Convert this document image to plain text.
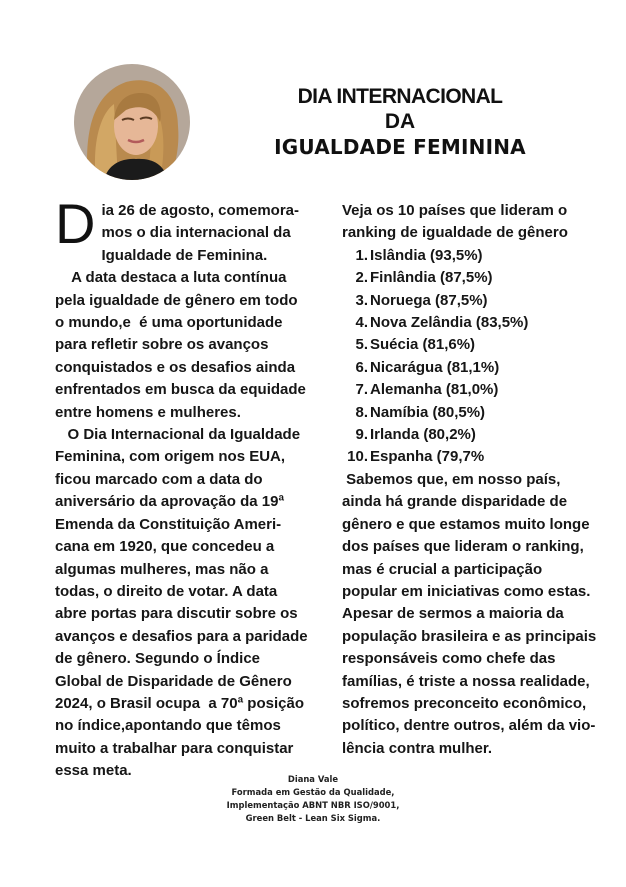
DIA INTERNACIONAL
DA
IGUALDADE FEMININA
D ia 26 de agosto, comemora-
mos o dia internacional da
Igualdade de Feminina.

A data destaca a luta contínua
pela igualdade de gênero em todo
o mundo,e  é uma oportunidade
para refletir sobre os avanços
conquistados e os desafios ainda
enfrentados em busca da equidade
entre homens e mulheres.

O Dia Internacional da Igualdade
Feminina, com origem nos EUA,
ficou marcado com a data do
aniversário da aprovação da 19ª
Emenda da Constituição Ameri-
cana em 1920, que concedeu a
algumas mulheres, mas não a
todas, o direito de votar. A data
abre portas para discutir sobre os
avanços e desafios para a paridade
de gênero. Segundo o Índice
Global de Disparidade de Gênero
2024, o Brasil ocupa  a 70ª posição
no índice,apontando que têmos
muito a trabalhar para conquistar
essa meta.

Veja os 10 países que lideram o
ranking de igualdade de gênero

1. Islândia (93,5%)
2. Finlândia (87,5%)
3. Noruega (87,5%)
4. Nova Zelândia (83,5%)
5. Suécia (81,6%)
6. Nicarágua (81,1%)
7. Alemanha (81,0%)
8. Namíbia (80,5%)
9. Irlanda (80,2%)
10. Espanha (79,7%

Sabemos que, em nosso país,
ainda há grande disparidade de
gênero e que estamos muito longe
dos países que lideram o ranking,
mas é crucial a participação
popular em iniciativas como estas.
Apesar de sermos a maioria da
população brasileira e as principais
responsáveis como chefe das
famílias, é triste a nossa realidade,
sofremos preconceito econômico,
político, dentre outros, além da vio-
lência contra mulher.

Diana Vale
Formada em Gestão da Qualidade,
Implementação ABNT NBR ISO/9001,
Green Belt - Lean Six Sigma.
